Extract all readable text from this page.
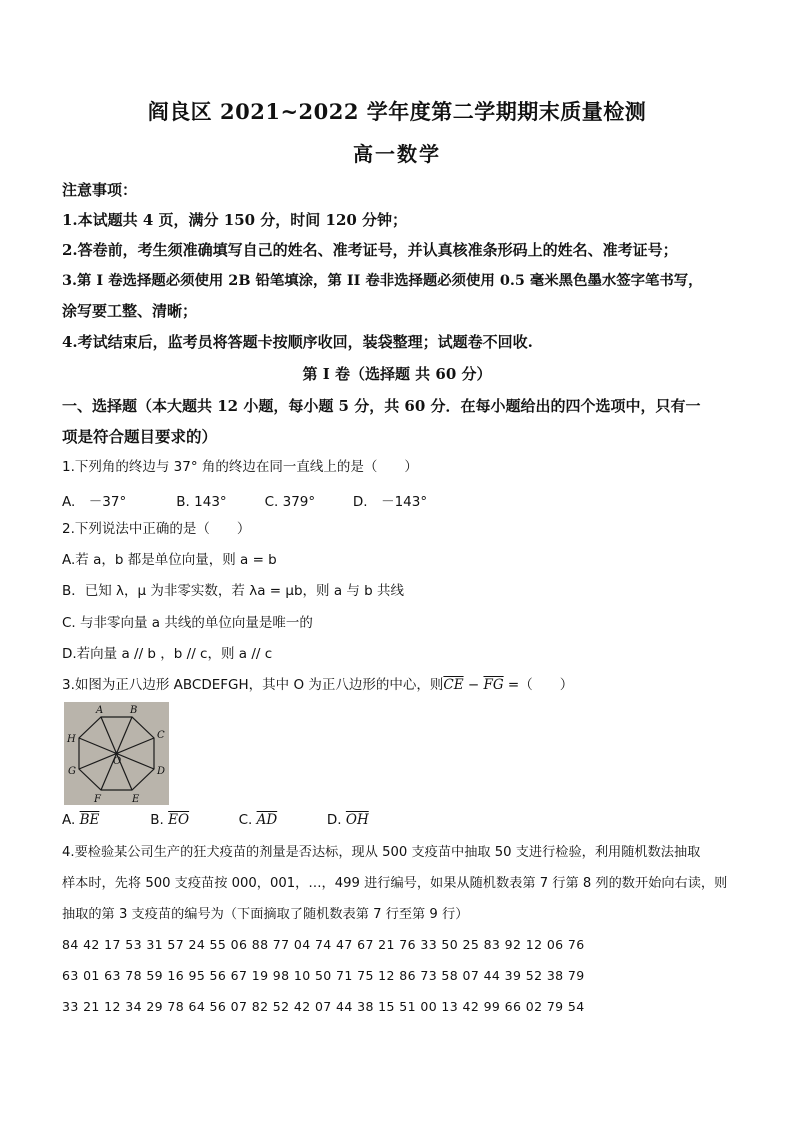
阎良区 2021~2022 学年度第二学期期末质量检测
高一数学
注意事项：
1.本试题共 4 页，满分 150 分，时间 120 分钟；
2.答卷前，考生须准确填写自己的姓名、准考证号，并认真核准条形码上的姓名、准考证号；
3.第 I 卷选择题必须使用 2B 铅笔填涂，第 II 卷非选择题必须使用 0.5 毫米黑色墨水签字笔书写，
涂写要工整、清晰；
4.考试结束后，监考员将答题卡按顺序收回，装袋整理；试题卷不回收.
第 I 卷（选择题 共 60 分）
一、选择题（本大题共 12 小题，每小题 5 分，共 60 分．在每小题给出的四个选项中，只有一
项是符合题目要求的）
1.下列角的终边与 37° 角的终边在同一直线上的是（　　）
A.　－37°	B. 143°	C. 379°	D.　－143°
2.下列说法中正确的是（　　）
A.若 a，b 都是单位向量，则 a = b
B．已知 λ，μ 为非零实数，若 λa = μb，则 a 与 b 共线
C. 与非零向量 a 共线的单位向量是唯一的
D.若向量 a // b ，b // c，则 a // c
3.如图为正八边形 ABCDEFGH，其中 O 为正八边形的中心，则$\overline{CE} - \overline{FG}$ =（　　）
A	B
C
D
E
F
G
H
O
A. $\overline{BE}$	B. $\overline{EO}$	C. $\overline{AD}$	D. $\overline{OH}$
4.要检验某公司生产的狂犬疫苗的剂量是否达标，现从 500 支疫苗中抽取 50 支进行检验，利用随机数法抽取
样本时，先将 500 支疫苗按 000，001，…，499 进行编号，如果从随机数表第 7 行第 8 列的数开始向右读，则
抽取的第 3 支疫苗的编号为（下面摘取了随机数表第 7 行至第 9 行）
84 42 17 53 31 57 24 55 06 88 77 04 74 47 67 21 76 33 50 25 83 92 12 06 76
63 01 63 78 59 16 95 56 67 19 98 10 50 71 75 12 86 73 58 07 44 39 52 38 79
33 21 12 34 29 78 64 56 07 82 52 42 07 44 38 15 51 00 13 42 99 66 02 79 54
